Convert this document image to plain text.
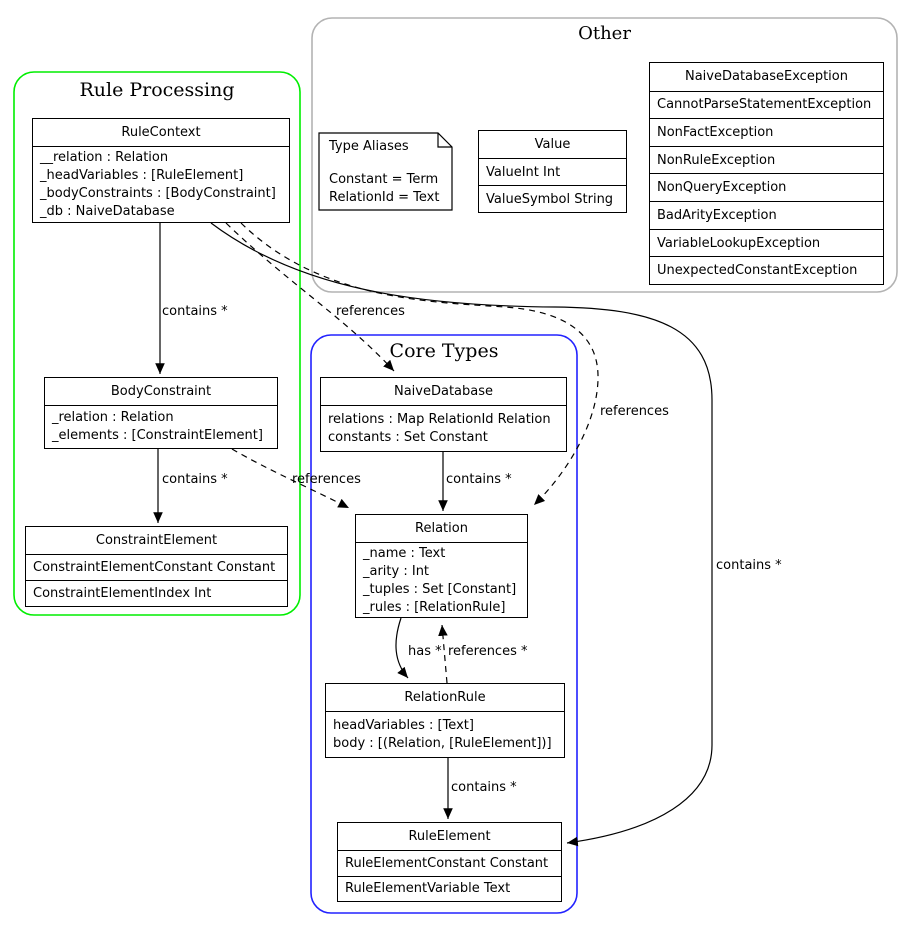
Rule Processing
Other
Core Types
RuleContext
__relation : Relation
_headVariables : [RuleElement]
_bodyConstraints : [BodyConstraint]
_db : NaiveDatabase
BodyConstraint
_relation : Relation
_elements : [ConstraintElement]
ConstraintElement
ConstraintElementConstant Constant
ConstraintElementIndex Int
NaiveDatabase
relations : Map RelationId Relation
constants : Set Constant
Relation
_name : Text
_arity : Int
_tuples : Set [Constant]
_rules : [RelationRule]
RelationRule
headVariables : [Text]
body : [(Relation, [RuleElement])]
RuleElement
RuleElementConstant Constant
RuleElementVariable Text
Value
ValueInt Int
ValueSymbol String
NaiveDatabaseException
CannotParseStatementException
NonFactException
NonRuleException
NonQueryException
BadArityException
VariableLookupException
UnexpectedConstantException
Type Aliases
Constant = Term
RelationId = Text
contains *	references
references
contains *
contains *	references	contains *
has * references *
contains *
